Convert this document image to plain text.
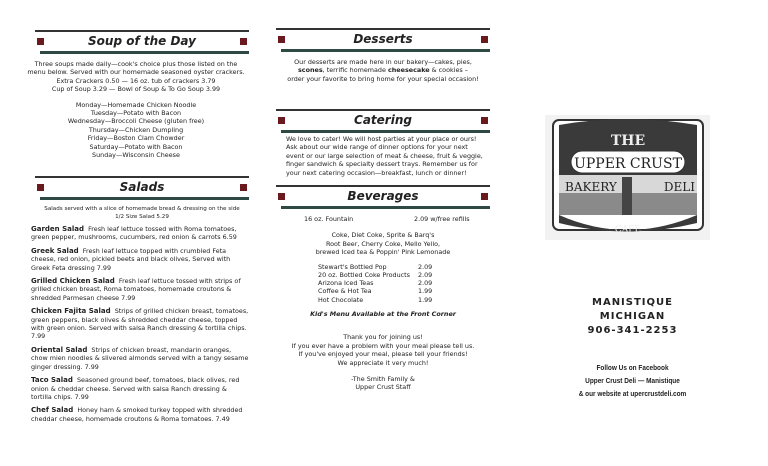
Soup of the Day
Three soups made daily—cook's choice plus those listed on the
menu below. Served with our homemade seasoned oyster crackers.
Extra Crackers 0.50 — 16 oz. tub of crackers 3.79
Cup of Soup 3.29 — Bowl of Soup & To Go Soup 3.99
Monday—Homemade Chicken Noodle
Tuesday—Potato with Bacon
Wednesday—Broccoli Cheese (gluten free)
Thursday—Chicken Dumpling
Friday—Boston Clam Chowder
Saturday—Potato with Bacon
Sunday—Wisconsin Cheese
Salads
Salads served with a slice of homemade bread & dressing on the side
1/2 Size Salad 5.29

Garden Salad Fresh leaf lettuce tossed with Roma tomatoes, green pepper, mushrooms, cucumbers, red onion & carrots 6.59

Greek Salad Fresh leaf lettuce topped with crumbled Feta cheese, red onion, pickled beets and black olives, Served with Greek Feta dressing 7.99

Grilled Chicken Salad Fresh leaf lettuce tossed with strips of grilled chicken breast, Roma tomatoes, homemade croutons & shredded Parmesan cheese 7.99

Chicken Fajita Salad Strips of grilled chicken breast, tomatoes, green peppers, black olives & shredded cheddar cheese, topped with green onion. Served with salsa Ranch dressing & tortilla chips. 7.99

Oriental Salad Strips of chicken breast, mandarin oranges, chow mien noodles & slivered almonds served with a tangy sesame ginger dressing. 7.99

Taco Salad Seasoned ground beef, tomatoes, black olives, red onion & cheddar cheese. Served with salsa Ranch dressing & tortilla chips. 7.99

Chef Salad Honey ham & smoked turkey topped with shredded cheddar cheese, homemade croutons & Roma tomatoes. 7.49

Desserts
Our desserts are made here in our bakery—cakes, pies,
scones, terrific homemade cheesecake & cookies –
order your favorite to bring home for your special occasion!
Catering
We love to cater! We will host parties at your place or ours! Ask about our wide range of dinner options for your next event or our large selection of meat & cheese, fruit & veggie, finger sandwich & specialty dessert trays. Remember us for your next catering occasion—breakfast, lunch or dinner!
Beverages
16 oz. Fountain	2.09 w/free refills
Coke, Diet Coke, Sprite & Barq's
Root Beer, Cherry Coke, Mello Yello,
brewed Iced tea & Poppin' Pink Lemonade
Stewart's Bottled Pop	2.09
20 oz. Bottled Coke Products	2.09
Arizona Iced Teas	2.09
Coffee & Hot Tea	1.99
Hot Chocolate	1.99
Kid's Menu Available at the Front Corner
Thank you for joining us!
If you ever have a problem with your meal please tell us.
If you've enjoyed your meal, please tell your friends!
We appreciate it very much!
-The Smith Family &
Upper Crust Staff
THE
UPPER CRUST
BAKERY	DELI
CAFE
MANISTIQUE
MICHIGAN
906-341-2253
Follow Us on Facebook
Upper Crust Deli — Manistique
& our website at upercrustdeli.com
